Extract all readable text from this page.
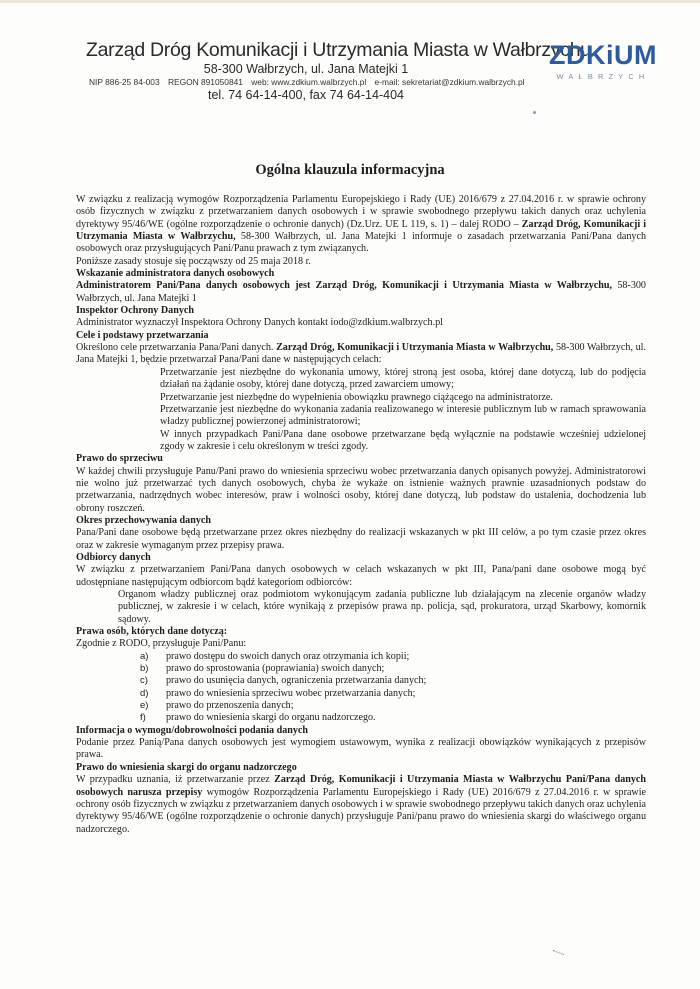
Zarząd Dróg Komunikacji i Utrzymania Miasta w Wałbrzychu
58-300 Wałbrzych, ul. Jana Matejki 1
NIP 886-25 84-003 REGON 891050841 web: www.zdkium.walbrzych.pl e-mail: sekretariat@zdkium.walbrzych.pl
tel. 74 64-14-400, fax 74 64-14-404
ZDKiUM
WAŁBRZYCH
Ogólna klauzula informacyjna

W związku z realizacją wymogów Rozporządzenia Parlamentu Europejskiego i Rady (UE) 2016/679 z 27.04.2016 r. w sprawie ochrony osób fizycznych w związku z przetwarzaniem danych osobowych i w sprawie swobodnego przepływu takich danych oraz uchylenia dyrektywy 95/46/WE (ogólne rozporządzenie o ochronie danych) (Dz.Urz. UE L 119, s. 1) – dalej RODO – Zarząd Dróg, Komunikacji i Utrzymania Miasta w Wałbrzychu, 58-300 Wałbrzych, ul. Jana Matejki 1 informuje o zasadach przetwarzania Pani/Pana danych osobowych oraz przysługujących Pani/Panu prawach z tym związanych.

Poniższe zasady stosuje się począwszy od 25 maja 2018 r.

Wskazanie administratora danych osobowych

Administratorem Pani/Pana danych osobowych jest Zarząd Dróg, Komunikacji i Utrzymania Miasta w Wałbrzychu, 58-300 Wałbrzych, ul. Jana Matejki 1

Inspektor Ochrony Danych

Administrator wyznaczył Inspektora Ochrony Danych kontakt iodo@zdkium.walbrzych.pl

Cele i podstawy przetwarzania

Określono cele przetwarzania Pana/Pani danych. Zarząd Dróg, Komunikacji i Utrzymania Miasta w Wałbrzychu, 58-300 Wałbrzych, ul. Jana Matejki 1, będzie przetwarzał Pana/Pani dane w następujących celach:

Przetwarzanie jest niezbędne do wykonania umowy, której stroną jest osoba, której dane dotyczą, lub do podjęcia działań na żądanie osoby, której dane dotyczą, przed zawarciem umowy;

Przetwarzanie jest niezbędne do wypełnienia obowiązku prawnego ciążącego na administratorze.

Przetwarzanie jest niezbędne do wykonania zadania realizowanego w interesie publicznym lub w ramach sprawowania władzy publicznej powierzonej administratorowi;

W innych przypadkach Pani/Pana dane osobowe przetwarzane będą wyłącznie na podstawie wcześniej udzielonej zgody w zakresie i celu określonym w treści zgody.

Prawo do sprzeciwu

W każdej chwili przysługuje Panu/Pani prawo do wniesienia sprzeciwu wobec przetwarzania danych opisanych powyżej. Administratorowi nie wolno już przetwarzać tych danych osobowych, chyba że wykaże on istnienie ważnych prawnie uzasadnionych podstaw do przetwarzania, nadrzędnych wobec interesów, praw i wolności osoby, której dane dotyczą, lub podstaw do ustalenia, dochodzenia lub obrony roszczeń.

Okres przechowywania danych

Pana/Pani dane osobowe będą przetwarzane przez okres niezbędny do realizacji wskazanych w pkt III celów, a po tym czasie przez okres oraz w zakresie wymaganym przez przepisy prawa.

Odbiorcy danych

W związku z przetwarzaniem Pani/Pana danych osobowych w celach wskazanych w pkt III, Pana/pani dane osobowe mogą być udostępniane następującym odbiorcom bądź kategoriom odbiorców:

Organom władzy publicznej oraz podmiotom wykonującym zadania publiczne lub działającym na zlecenie organów władzy publicznej, w zakresie i w celach, które wynikają z przepisów prawa np. policja, sąd, prokuratora, urząd Skarbowy, komornik sądowy.

Prawa osób, których dane dotyczą:

Zgodnie z RODO, przysługuje Pani/Panu:

a)	prawo dostępu do swoich danych oraz otrzymania ich kopii;
b)	prawo do sprostowania (poprawiania) swoich danych;
c)	prawo do usunięcia danych, ograniczenia przetwarzania danych;
d)	prawo do wniesienia sprzeciwu wobec przetwarzania danych;
e)	prawo do przenoszenia danych;
f)	prawo do wniesienia skargi do organu nadzorczego.

Informacja o wymogu/dobrowolności podania danych

Podanie przez Panią/Pana danych osobowych jest wymogiem ustawowym, wynika z realizacji obowiązków wynikających z przepisów prawa.

Prawo do wniesienia skargi do organu nadzorczego

W przypadku uznania, iż przetwarzanie przez Zarząd Dróg, Komunikacji i Utrzymania Miasta w Wałbrzychu Pani/Pana danych osobowych narusza przepisy wymogów Rozporządzenia Parlamentu Europejskiego i Rady (UE) 2016/679 z 27.04.2016 r. w sprawie ochrony osób fizycznych w związku z przetwarzaniem danych osobowych i w sprawie swobodnego przepływu takich danych oraz uchylenia dyrektywy 95/46/WE (ogólne rozporządzenie o ochronie danych) przysługuje Pani/panu prawo do wniesienia skargi do właściwego organu nadzorczego.
